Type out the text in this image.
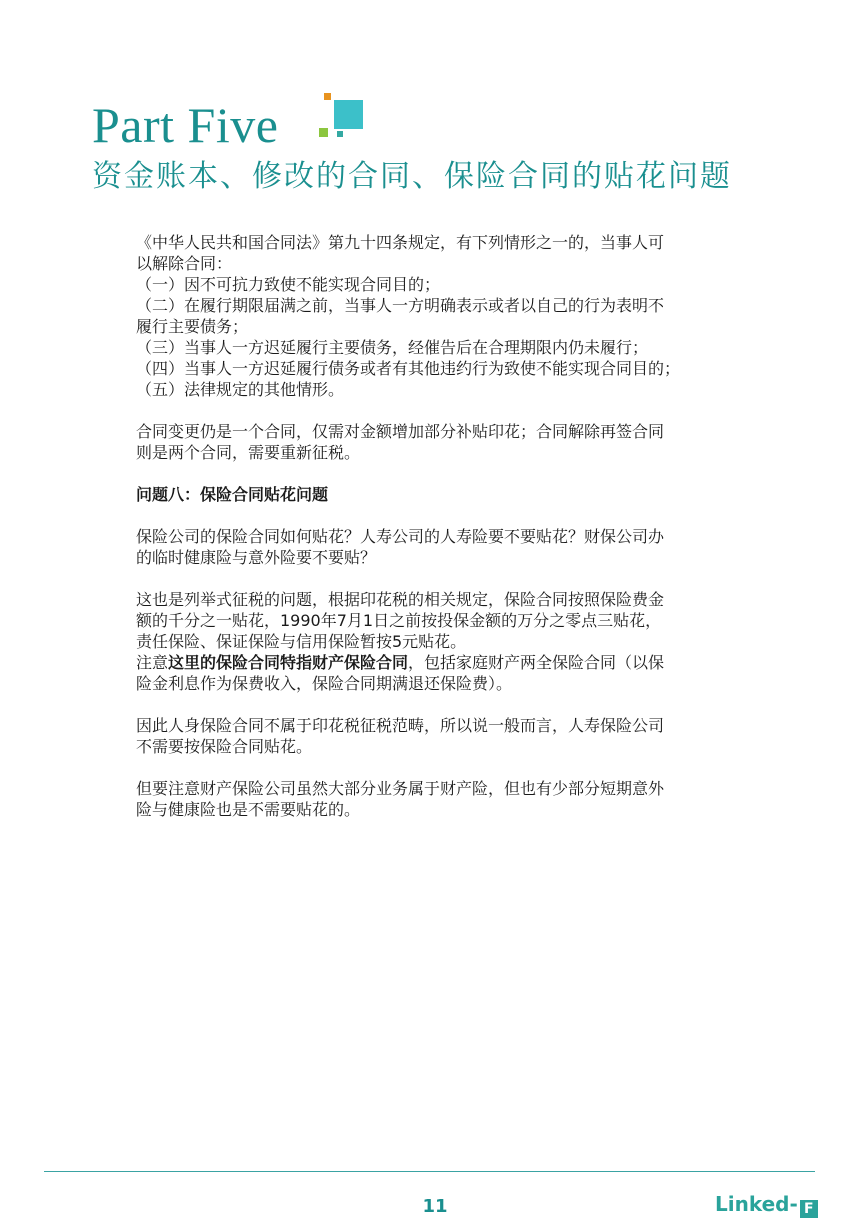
Part Five
资金账本、修改的合同、保险合同的贴花问题

《中华人民共和国合同法》第九十四条规定，有下列情形之一的，当事人可
以解除合同：
（一）因不可抗力致使不能实现合同目的；
（二）在履行期限届满之前，当事人一方明确表示或者以自己的行为表明不
履行主要债务；
（三）当事人一方迟延履行主要债务，经催告后在合理期限内仍未履行；
（四）当事人一方迟延履行债务或者有其他违约行为致使不能实现合同目的；
（五）法律规定的其他情形。

合同变更仍是一个合同，仅需对金额增加部分补贴印花；合同解除再签合同
则是两个合同，需要重新征税。

问题八：保险合同贴花问题

保险公司的保险合同如何贴花？人寿公司的人寿险要不要贴花？财保公司办
的临时健康险与意外险要不要贴？

这也是列举式征税的问题，根据印花税的相关规定，保险合同按照保险费金
额的千分之一贴花，1990年7月1日之前按投保金额的万分之零点三贴花，
责任保险、保证保险与信用保险暂按5元贴花。
注意这里的保险合同特指财产保险合同，包括家庭财产两全保险合同（以保
险金利息作为保费收入，保险合同期满退还保险费）。

因此人身保险合同不属于印花税征税范畴，所以说一般而言，人寿保险公司
不需要按保险合同贴花。

但要注意财产保险公司虽然大部分业务属于财产险，但也有少部分短期意外
险与健康险也是不需要贴花的。

11	Linked- F
